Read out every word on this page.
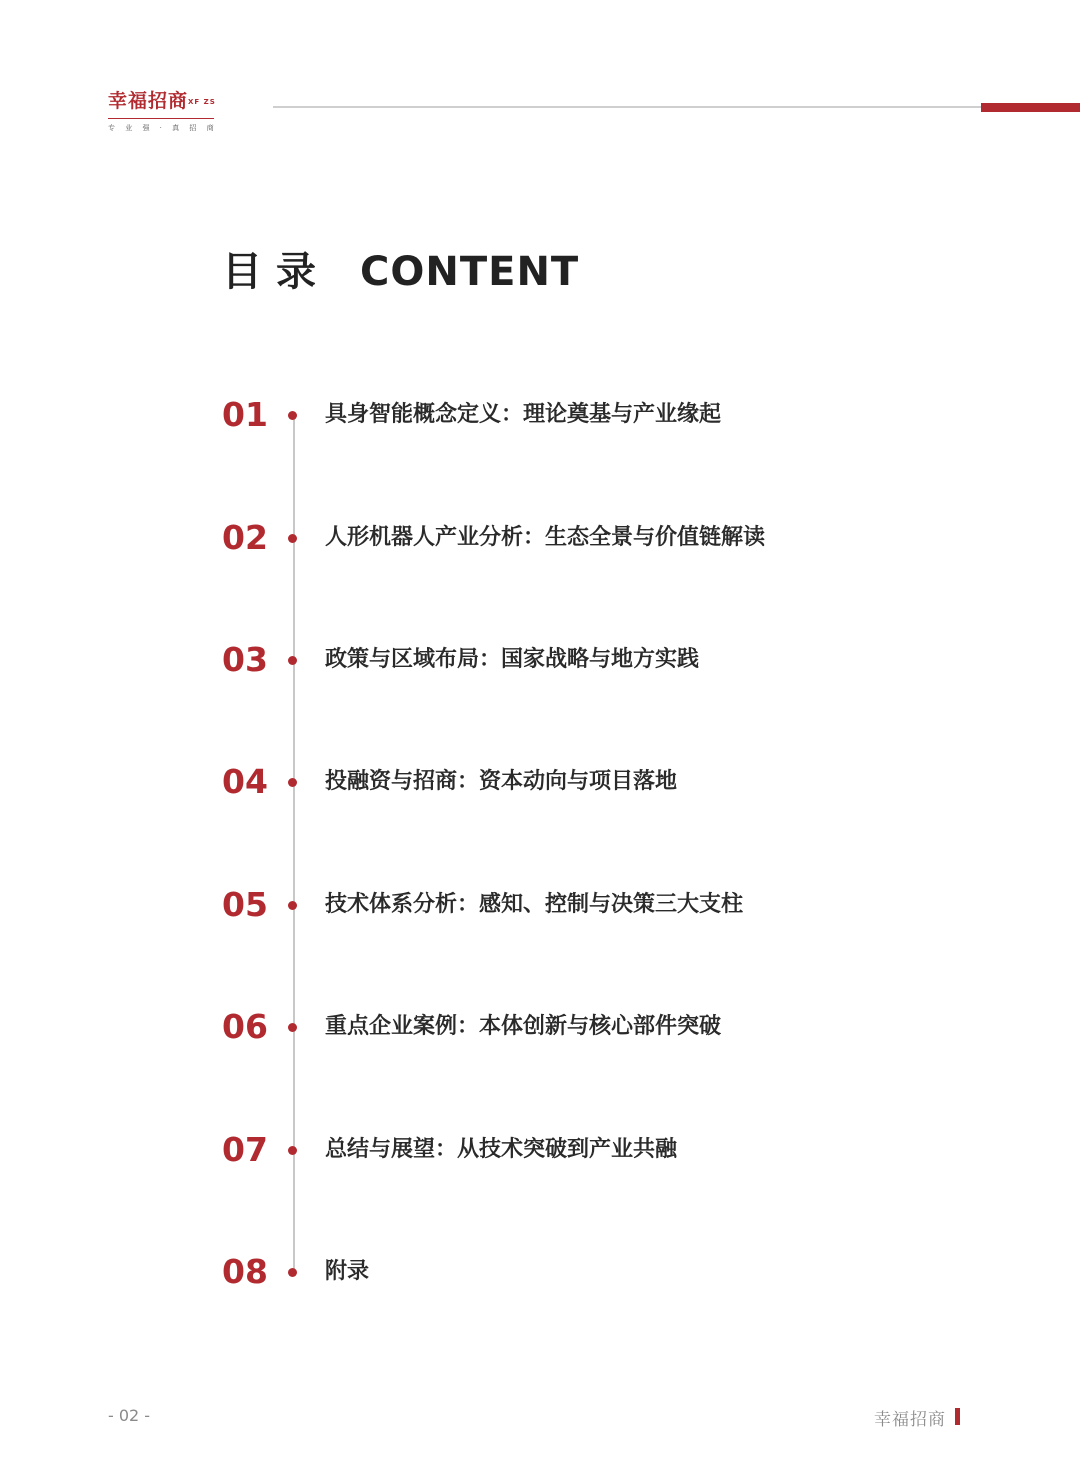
幸福招商XF ZS
专 业 强 · 真 招 商
目录 CONTENT
01	具身智能概念定义：理论奠基与产业缘起
02	人形机器人产业分析：生态全景与价值链解读
03	政策与区域布局：国家战略与地方实践
04	投融资与招商：资本动向与项目落地
05	技术体系分析：感知、控制与决策三大支柱
06	重点企业案例：本体创新与核心部件突破
07	总结与展望：从技术突破到产业共融
08	附录
- 02 -	幸福招商
